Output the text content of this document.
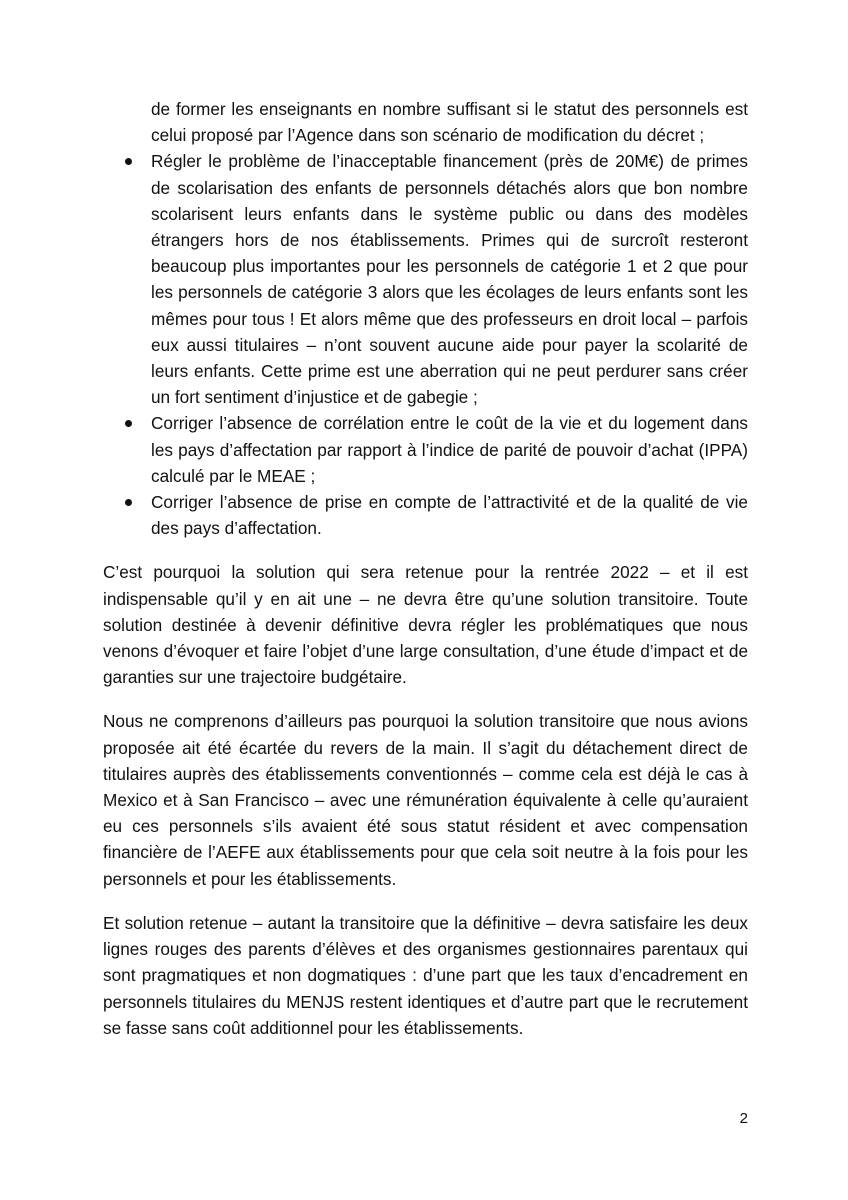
de former les enseignants en nombre suffisant si le statut des personnels est celui proposé par l’Agence dans son scénario de modification du décret ;

Régler le problème de l’inacceptable financement (près de 20M€) de primes de scolarisation des enfants de personnels détachés alors que bon nombre scolarisent leurs enfants dans le système public ou dans des modèles étrangers hors de nos établissements. Primes qui de surcroît resteront beaucoup plus importantes pour les personnels de catégorie 1 et 2 que pour les personnels de catégorie 3 alors que les écolages de leurs enfants sont les mêmes pour tous ! Et alors même que des professeurs en droit local – parfois eux aussi titulaires – n’ont souvent aucune aide pour payer la scolarité de leurs enfants. Cette prime est une aberration qui ne peut perdurer sans créer un fort sentiment d’injustice et de gabegie ;
Corriger l’absence de corrélation entre le coût de la vie et du logement dans les pays d’affectation par rapport à l’indice de parité de pouvoir d’achat (IPPA) calculé par le MEAE ;
Corriger l’absence de prise en compte de l’attractivité et de la qualité de vie des pays d’affectation.

C’est pourquoi la solution qui sera retenue pour la rentrée 2022 – et il est indispensable qu’il y en ait une – ne devra être qu’une solution transitoire. Toute solution destinée à devenir définitive devra régler les problématiques que nous venons d’évoquer et faire l’objet d’une large consultation, d’une étude d’impact et de garanties sur une trajectoire budgétaire.

Nous ne comprenons d’ailleurs pas pourquoi la solution transitoire que nous avions proposée ait été écartée du revers de la main. Il s’agit du détachement direct de titulaires auprès des établissements conventionnés – comme cela est déjà le cas à Mexico et à San Francisco – avec une rémunération équivalente à celle qu’auraient eu ces personnels s’ils avaient été sous statut résident et avec compensation financière de l’AEFE aux établissements pour que cela soit neutre à la fois pour les personnels et pour les établissements.

Et solution retenue – autant la transitoire que la définitive – devra satisfaire les deux lignes rouges des parents d’élèves et des organismes gestionnaires parentaux qui sont pragmatiques et non dogmatiques : d’une part que les taux d’encadrement en personnels titulaires du MENJS restent identiques et d’autre part que le recrutement se fasse sans coût additionnel pour les établissements.

2
